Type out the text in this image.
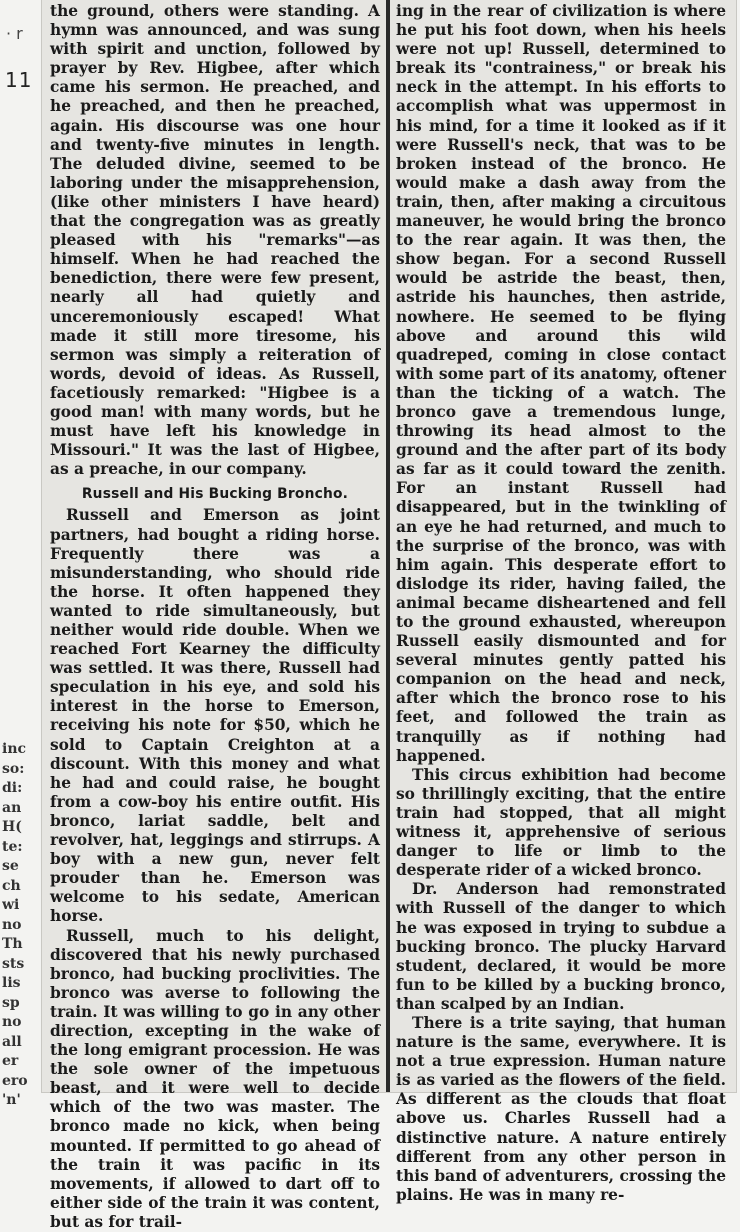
· r
11
inc
so:
di:
an
H(
te:
se
ch
wi
no
Th
sts
lis
sp
no
all
er
ero
'n'

the ground, others were standing. A hymn was announced, and was sung with spirit and unction, followed by prayer by Rev. Higbee, after which came his sermon. He preached, and he preached, and then he preached, again. His discourse was one hour and twenty-five minutes in length. The deluded divine, seemed to be laboring under the misapprehension, (like other ministers I have heard) that the congregation was as greatly pleased with his "remarks"—as himself. When he had reached the benediction, there were few present, nearly all had quietly and unceremoniously escaped! What made it still more tiresome, his sermon was simply a reiteration of words, devoid of ideas. As Russell, facetiously remarked: "Higbee is a good man! with many words, but he must have left his knowledge in Missouri." It was the last of Higbee, as a preache, in our company.

Russell and His Bucking Broncho.

Russell and Emerson as joint partners, had bought a riding horse. Frequently there was a misunderstanding, who should ride the horse. It often happened they wanted to ride simultaneously, but neither would ride double. When we reached Fort Kearney the difficulty was settled. It was there, Russell had speculation in his eye, and sold his interest in the horse to Emerson, receiving his note for $50, which he sold to Captain Creighton at a discount. With this money and what he had and could raise, he bought from a cow-boy his entire outfit. His bronco, lariat saddle, belt and revolver, hat, leggings and stirrups. A boy with a new gun, never felt prouder than he. Emerson was welcome to his sedate, American horse.

Russell, much to his delight, discovered that his newly purchased bronco, had bucking proclivities. The bronco was averse to following the train. It was willing to go in any other direction, excepting in the wake of the long emigrant procession. He was the sole owner of the impetuous beast, and it were well to decide which of the two was master. The bronco made no kick, when being mounted. If permitted to go ahead of the train it was pacific in its movements, if allowed to dart off to either side of the train it was content, but as for trail-

ing in the rear of civilization is where he put his foot down, when his heels were not up! Russell, determined to break its "contrainess," or break his neck in the attempt. In his efforts to accomplish what was uppermost in his mind, for a time it looked as if it were Russell's neck, that was to be broken instead of the bronco. He would make a dash away from the train, then, after making a circuitous maneuver, he would bring the bronco to the rear again. It was then, the show began. For a second Russell would be astride the beast, then, astride his haunches, then astride, nowhere. He seemed to be flying above and around this wild quadreped, coming in close contact with some part of its anatomy, oftener than the ticking of a watch. The bronco gave a tremendous lunge, throwing its head almost to the ground and the after part of its body as far as it could toward the zenith. For an instant Russell had disappeared, but in the twinkling of an eye he had returned, and much to the surprise of the bronco, was with him again. This desperate effort to dislodge its rider, having failed, the animal became disheartened and fell to the ground exhausted, whereupon Russell easily dismounted and for several minutes gently patted his companion on the head and neck, after which the bronco rose to his feet, and followed the train as tranquilly as if nothing had happened.

This circus exhibition had become so thrillingly exciting, that the entire train had stopped, that all might witness it, apprehensive of serious danger to life or limb to the desperate rider of a wicked bronco.

Dr. Anderson had remonstrated with Russell of the danger to which he was exposed in trying to subdue a bucking bronco. The plucky Harvard student, declared, it would be more fun to be killed by a bucking bronco, than scalped by an Indian.

There is a trite saying, that human nature is the same, everywhere. It is not a true expression. Human nature is as varied as the flowers of the field. As different as the clouds that float above us. Charles Russell had a distinctive nature. A nature entirely different from any other person in this band of adventurers, crossing the plains. He was in many re-
